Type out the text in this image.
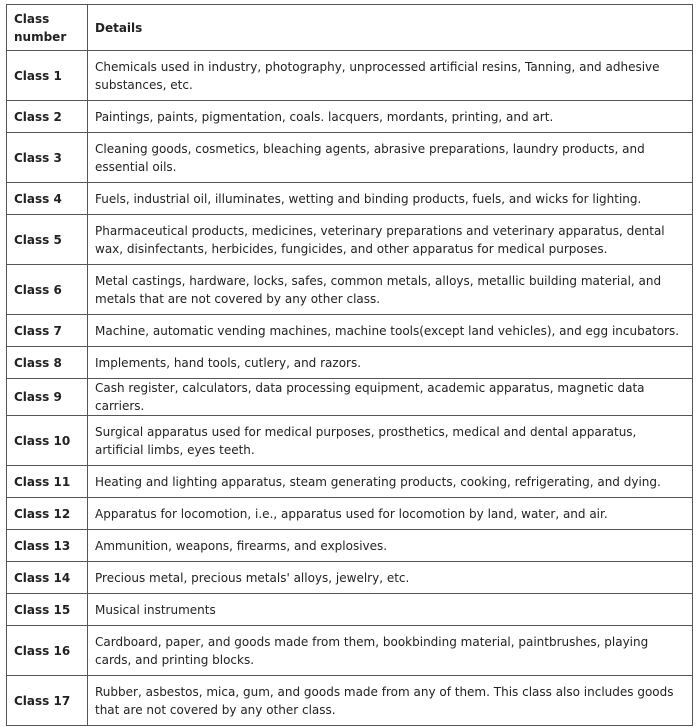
Class number	Details
Class 1	Chemicals used in industry, photography, unprocessed artificial resins, Tanning, and adhesive substances, etc.
Class 2	Paintings, paints, pigmentation, coals. lacquers, mordants, printing, and art.
Class 3	Cleaning goods, cosmetics, bleaching agents, abrasive preparations, laundry products, and essential oils.
Class 4	Fuels, industrial oil, illuminates, wetting and binding products, fuels, and wicks for lighting.
Class 5	Pharmaceutical products, medicines, veterinary preparations and veterinary apparatus, dental wax, disinfectants, herbicides, fungicides, and other apparatus for medical purposes.
Class 6	Metal castings, hardware, locks, safes, common metals, alloys, metallic building material, and metals that are not covered by any other class.
Class 7	Machine, automatic vending machines, machine tools(except land vehicles), and egg incubators.
Class 8	Implements, hand tools, cutlery, and razors.
Class 9	Cash register, calculators, data processing equipment, academic apparatus, magnetic data carriers.
Class 10	Surgical apparatus used for medical purposes, prosthetics, medical and dental apparatus, artificial limbs, eyes teeth.
Class 11	Heating and lighting apparatus, steam generating products, cooking, refrigerating, and dying.
Class 12	Apparatus for locomotion, i.e., apparatus used for locomotion by land, water, and air.
Class 13	Ammunition, weapons, firearms, and explosives.
Class 14	Precious metal, precious metals' alloys, jewelry, etc.
Class 15	Musical instruments
Class 16	Cardboard, paper, and goods made from them, bookbinding material, paintbrushes, playing cards, and printing blocks.
Class 17	Rubber, asbestos, mica, gum, and goods made from any of them. This class also includes goods that are not covered by any other class.
